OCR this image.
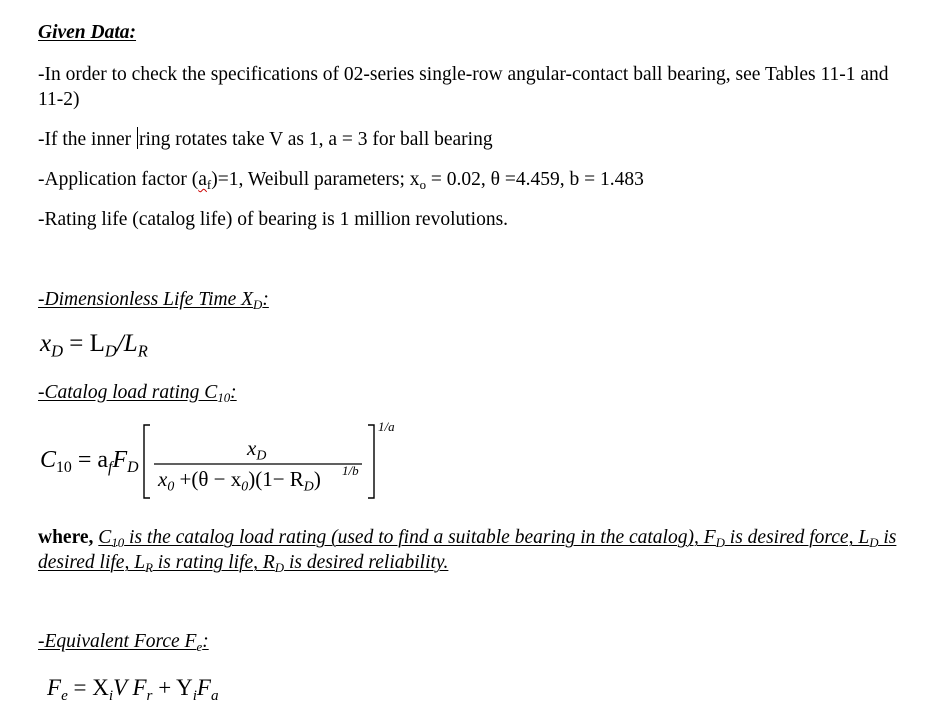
Given Data:
-In order to check the specifications of 02-series single-row angular-contact ball bearing, see Tables 11-1 and 11-2)
-If the inner ring rotates take V as 1, a = 3 for ball bearing
-Application factor $(a_f)=1$, Weibull parameters; $x_o = 0.02$, θ =4.459, b = 1.483
-Rating life (catalog life) of bearing is 1 million revolutions.
-Dimensionless Life Time $X_D$:
$x_D = L_D/L_R$
-Catalog load rating $C_{10}$:
$C_{10} = a_fF_D$
$x_D$
$x_0 +(\theta - x_0)(1- R_D)$ 1/b
1/a
where, $C_{10}$ is the catalog load rating (used to find a suitable bearing in the catalog), $F_D$ is desired force, $L_D$ is desired life, $L_R$ is rating life, $R_D$ is desired reliability.
-Equivalent Force $F_e$:
$F_e = X_iV$ $F_r + Y_iF_a$
